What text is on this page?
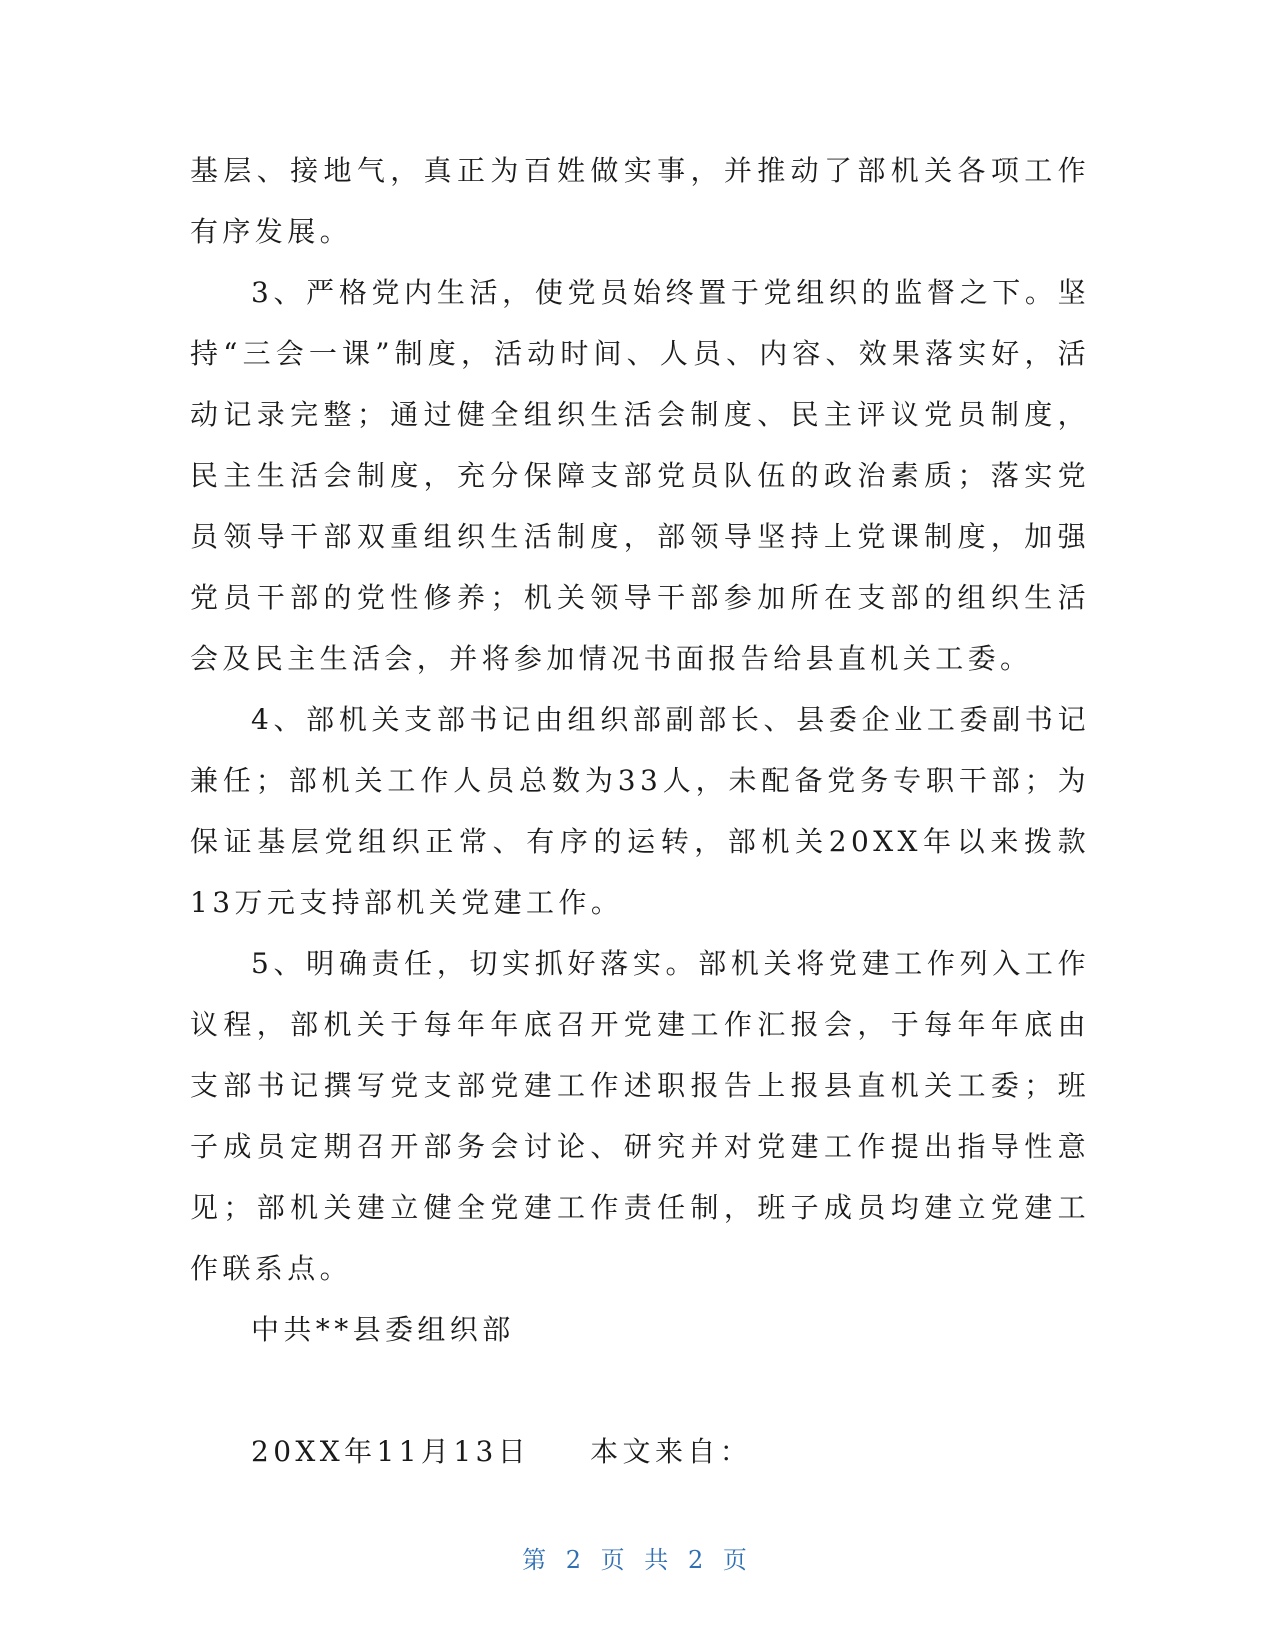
基层、接地气，真正为百姓做实事，并推动了部机关各项工作有序发展。

3、严格党内生活，使党员始终置于党组织的监督之下。坚持“三会一课”制度，活动时间、人员、内容、效果落实好，活动记录完整；通过健全组织生活会制度、民主评议党员制度，民主生活会制度，充分保障支部党员队伍的政治素质；落实党员领导干部双重组织生活制度，部领导坚持上党课制度，加强党员干部的党性修养；机关领导干部参加所在支部的组织生活会及民主生活会，并将参加情况书面报告给县直机关工委。

4、部机关支部书记由组织部副部长、县委企业工委副书记兼任；部机关工作人员总数为33人，未配备党务专职干部；为保证基层党组织正常、有序的运转，部机关20XX年以来拨款13万元支持部机关党建工作。

5、明确责任，切实抓好落实。部机关将党建工作列入工作议程，部机关于每年年底召开党建工作汇报会，于每年年底由支部书记撰写党支部党建工作述职报告上报县直机关工委；班子成员定期召开部务会讨论、研究并对党建工作提出指导性意见；部机关建立健全党建工作责任制，班子成员均建立党建工作联系点。

中共**县委组织部

20XX年11月13日 本文来自：

第 2 页 共 2 页
